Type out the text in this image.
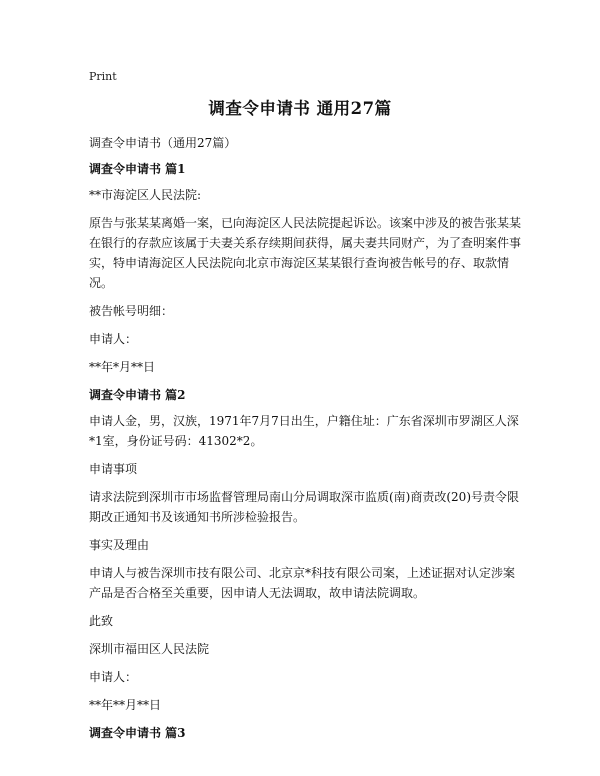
Print
调查令申请书 通用27篇
调查令申请书（通用27篇）
调查令申请书 篇1
**市海淀区人民法院:
原告与张某某离婚一案，已向海淀区人民法院提起诉讼。该案中涉及的被告张某某在银行的存款应该属于夫妻关系存续期间获得，属夫妻共同财产，为了查明案件事实，特申请海淀区人民法院向北京市海淀区某某银行查询被告帐号的存、取款情况。
被告帐号明细：
申请人：
**年*月**日
调查令申请书 篇2
申请人金，男，汉族，1971年7月7日出生，户籍住址：广东省深圳市罗湖区人深*1室，身份证号码：41302*2。
申请事项
请求法院到深圳市市场监督管理局南山分局调取深市监质(南)商责改(20)号责令限期改正通知书及该通知书所涉检验报告。
事实及理由
申请人与被告深圳市技有限公司、北京京*科技有限公司案，上述证据对认定涉案产品是否合格至关重要，因申请人无法调取，故申请法院调取。
此致
深圳市福田区人民法院
申请人：
**年**月**日
调查令申请书 篇3
